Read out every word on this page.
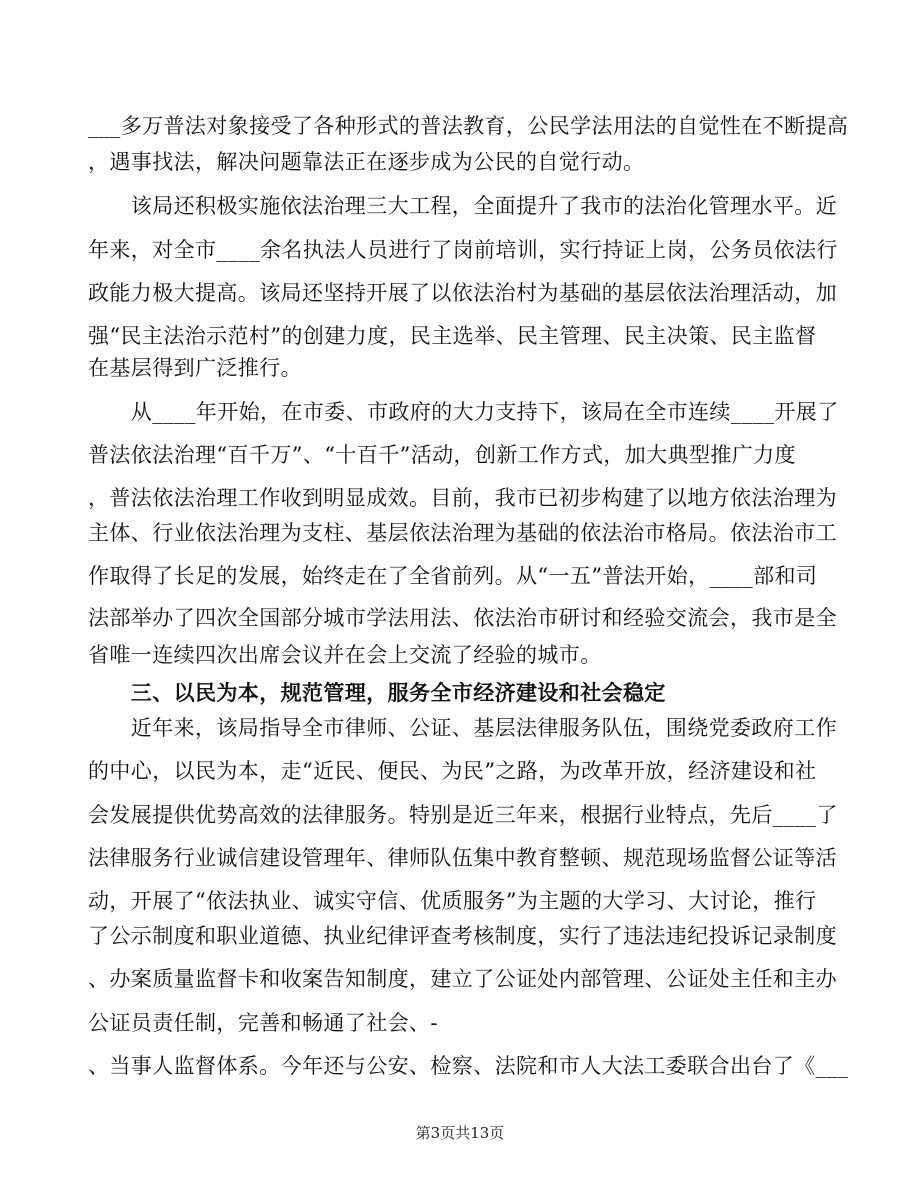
___多万普法对象接受了各种形式的普法教育，公民学法用法的自觉性在不断提高
，遇事找法，解决问题靠法正在逐步成为公民的自觉行动。
　　该局还积极实施依法治理三大工程，全面提升了我市的法治化管理水平。近
年来，对全市____余名执法人员进行了岗前培训，实行持证上岗，公务员依法行
政能力极大提高。该局还坚持开展了以依法治村为基础的基层依法治理活动，加
强“民主法治示范村”的创建力度，民主选举、民主管理、民主决策、民主监督
在基层得到广泛推行。
　　从____年开始，在市委、市政府的大力支持下，该局在全市连续____开展了
普法依法治理“百千万”、“十百千”活动，创新工作方式，加大典型推广力度
，普法依法治理工作收到明显成效。目前，我市已初步构建了以地方依法治理为
主体、行业依法治理为支柱、基层依法治理为基础的依法治市格局。依法治市工
作取得了长足的发展，始终走在了全省前列。从“一五”普法开始，____部和司
法部举办了四次全国部分城市学法用法、依法治市研讨和经验交流会，我市是全
省唯一连续四次出席会议并在会上交流了经验的城市。
　　三、以民为本，规范管理，服务全市经济建设和社会稳定
　　近年来，该局指导全市律师、公证、基层法律服务队伍，围绕党委政府工作
的中心，以民为本，走“近民、便民、为民”之路，为改革开放，经济建设和社
会发展提供优势高效的法律服务。特别是近三年来，根据行业特点，先后____了
法律服务行业诚信建设管理年、律师队伍集中教育整顿、规范现场监督公证等活
动，开展了“依法执业、诚实守信、优质服务”为主题的大学习、大讨论，推行
了公示制度和职业道德、执业纪律评查考核制度，实行了违法违纪投诉记录制度
、办案质量监督卡和收案告知制度，建立了公证处内部管理、公证处主任和主办
公证员责任制，完善和畅通了社会、-
、当事人监督体系。今年还与公安、检察、法院和市人大法工委联合出台了《___
第3页共13页
